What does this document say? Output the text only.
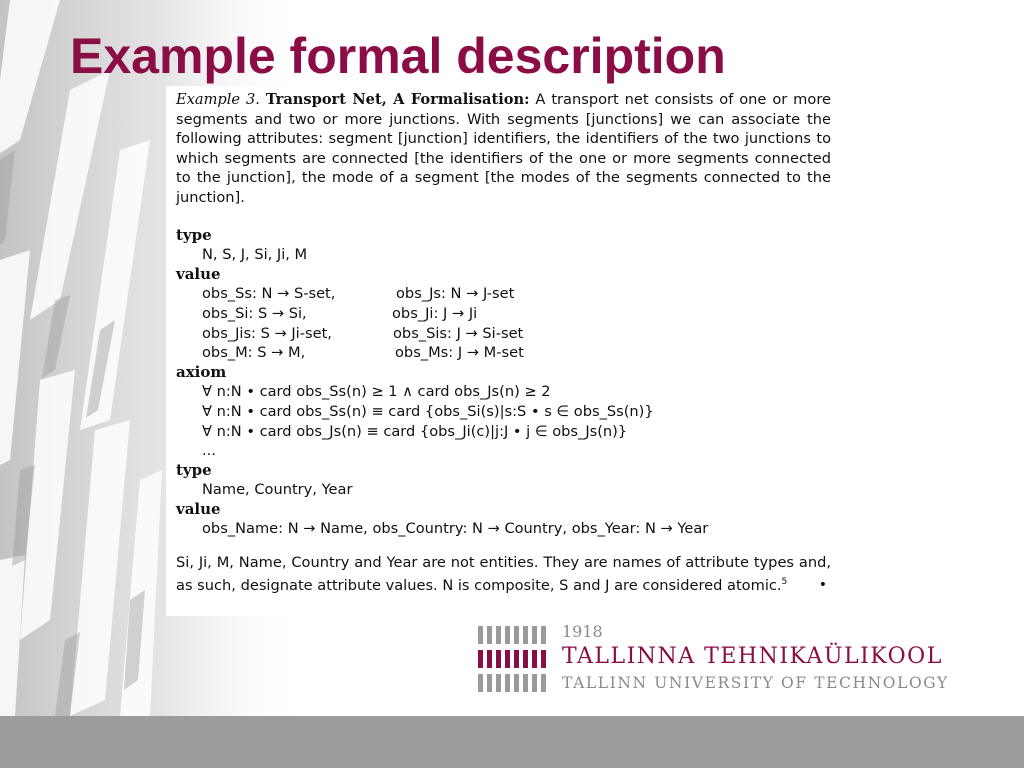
Example formal description

Example 3. Transport Net, A Formalisation: A transport net consists of one or more segments and two or more junctions. With segments [junctions] we can associate the following attributes: segment [junction] identifiers, the identifiers of the two junctions to which segments are connected [the identifiers of the one or more segments connected to the junction], the mode of a segment [the modes of the segments connected to the junction].

type
N, S, J, Si, Ji, M
value
obs_Ss: N → S-set,	obs_Js: N → J-set
obs_Si: S → Si,	obs_Ji: J → Ji
obs_Jis: S → Ji-set,	obs_Sis: J → Si-set
obs_M: S → M,	obs_Ms: J → M-set
axiom
∀ n:N • card obs_Ss(n) ≥ 1 ∧ card obs_Js(n) ≥ 2
∀ n:N • card obs_Ss(n) ≡ card {obs_Si(s)|s:S • s ∈ obs_Ss(n)}
∀ n:N • card obs_Js(n) ≡ card {obs_Ji(c)|j:J • j ∈ obs_Js(n)}
...
type
Name, Country, Year
value
obs_Name: N → Name, obs_Country: N → Country, obs_Year: N → Year

Si, Ji, M, Name, Country and Year are not entities. They are names of attribute types and, as such, designate attribute values. N is composite, S and J are considered atomic.$^5$ •

1918
TALLINNA TEHNIKAÜLIKOOL
TALLINN UNIVERSITY OF TECHNOLOGY
